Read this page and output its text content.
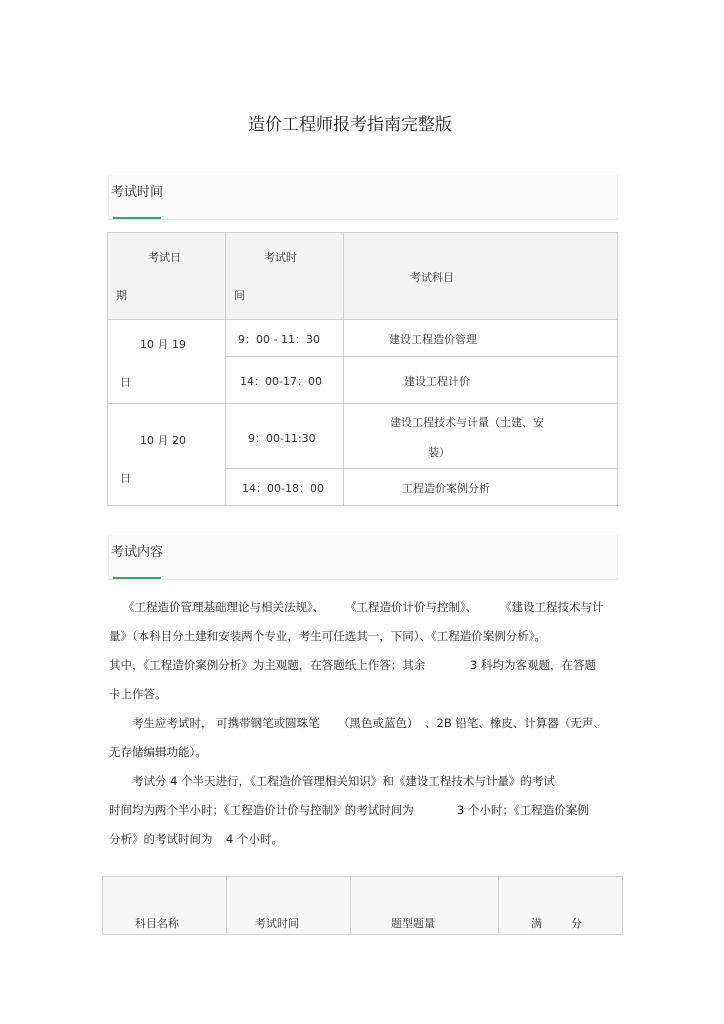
造价工程师报考指南完整版
考试时间
考试日
期	考试时
间	考试科目

10 月 19
日	9：00 - 11：30	建设工程造价管理

	14：00-17：00	建设工程计价

10 月 20
日	9：00-11:30	建设工程技术与计量（土建、安
装）

	14：00-18：00	工程造价案例分析
考试内容
《工程造价管理基础理论与相关法规》、 《工程造价计价与控制》、 《建设工程技术与计
量》（本科目分土建和安装两个专业，考生可任选其一，下同）、《工程造价案例分析》。
其中，《工程造价案例分析》为主观题，在答题纸上作答；其余	3 科均为客观题，在答题
卡上作答。
考生应考试时， 可携带钢笔或圆珠笔 （黑色或蓝色） 、2B 铅笔、橡皮、计算器（无声、
无存储编辑功能）。
考试分 4 个半天进行，《工程造价管理相关知识》和《建设工程技术与计量》的考试
时间均为两个半小时；《工程造价计价与控制》的考试时间为	3 个小时；《工程造价案例
分析》的考试时间为 4 个小时。
科目名称	考试时间	题型题量	满	分
